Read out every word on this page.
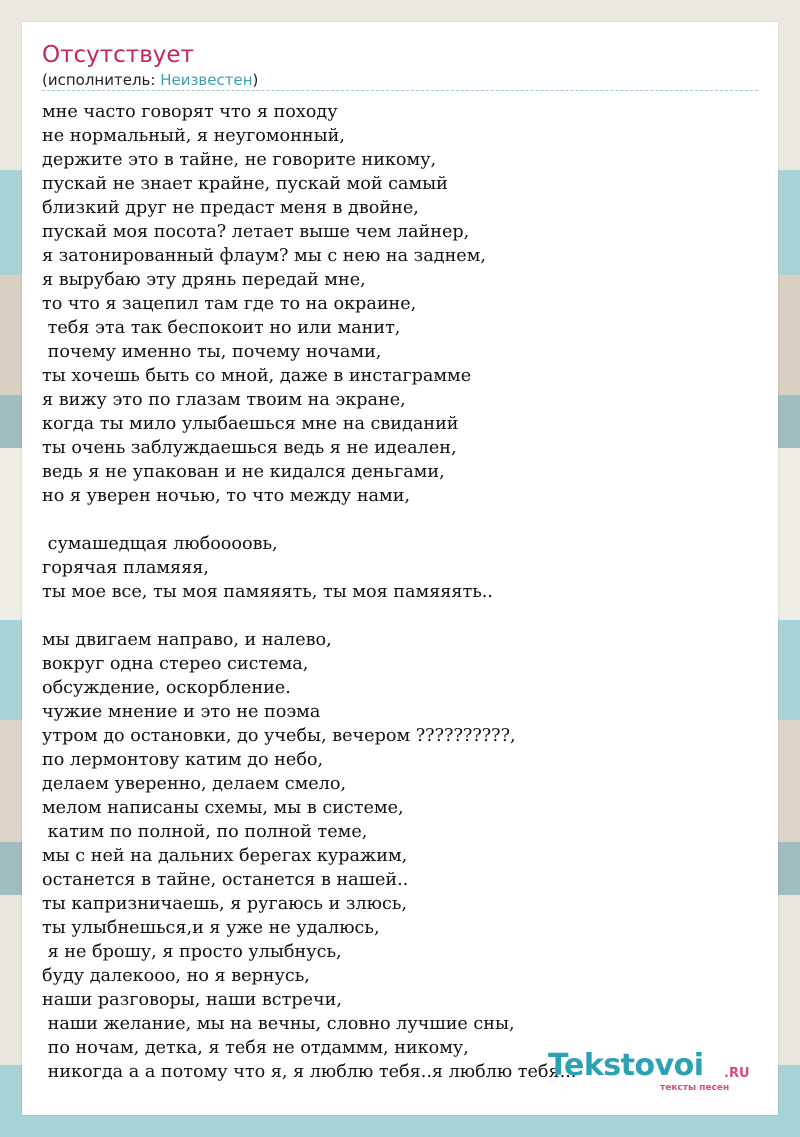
Отсутствует
(исполнитель: Неизвестен)
мне часто говорят что я походу
не нормальный, я неугомонный,
держите это в тайне, не говорите никому,
пускай не знает крайне, пускай мой самый
близкий друг не предаст меня в двойне,
пускай моя посота? летает выше чем лайнер,
я затонированный флаум? мы с нею на заднем,
я вырубаю эту дрянь передай мне,
то что я зацепил там где то на окраине,
тебя эта так беспокоит но или манит,
почему именно ты, почему ночами,
ты хочешь быть со мной, даже в инстаграмме
я вижу это по глазам твоим на экране,
когда ты мило улыбаешься мне на свиданий
ты очень заблуждаешься ведь я не идеален,
ведь я не упакован и не кидался деньгами,
но я уверен ночью, то что между нами,

сумашедщая любоооовь,
горячая пламяяя,
ты мое все, ты моя памяяять, ты моя памяяять..

мы двигаем направо, и налево,
вокруг одна стерео система,
обсуждение, оскорбление.
чужие мнение и это не поэма
утром до остановки, до учебы, вечером ??????????,
по лермонтову катим до небо,
делаем уверенно, делаем смело,
мелом написаны схемы, мы в системе,
катим по полной, по полной теме,
мы с ней на дальних берегах куражим,
останется в тайне, останется в нашей..
ты капризничаешь, я ругаюсь и злюсь,
ты улыбнешься,и я уже не удалюсь,
я не брошу, я просто улыбнусь,
буду далекооо, но я вернусь,
наши разговоры, наши встречи,
наши желание, мы на вечны, словно лучшие сны,
по ночам, детка, я тебя не отдаммм, никому,
никогда а а потому что я, я люблю тебя..я люблю тебя...
Tekstovoi .RU
тексты песен
